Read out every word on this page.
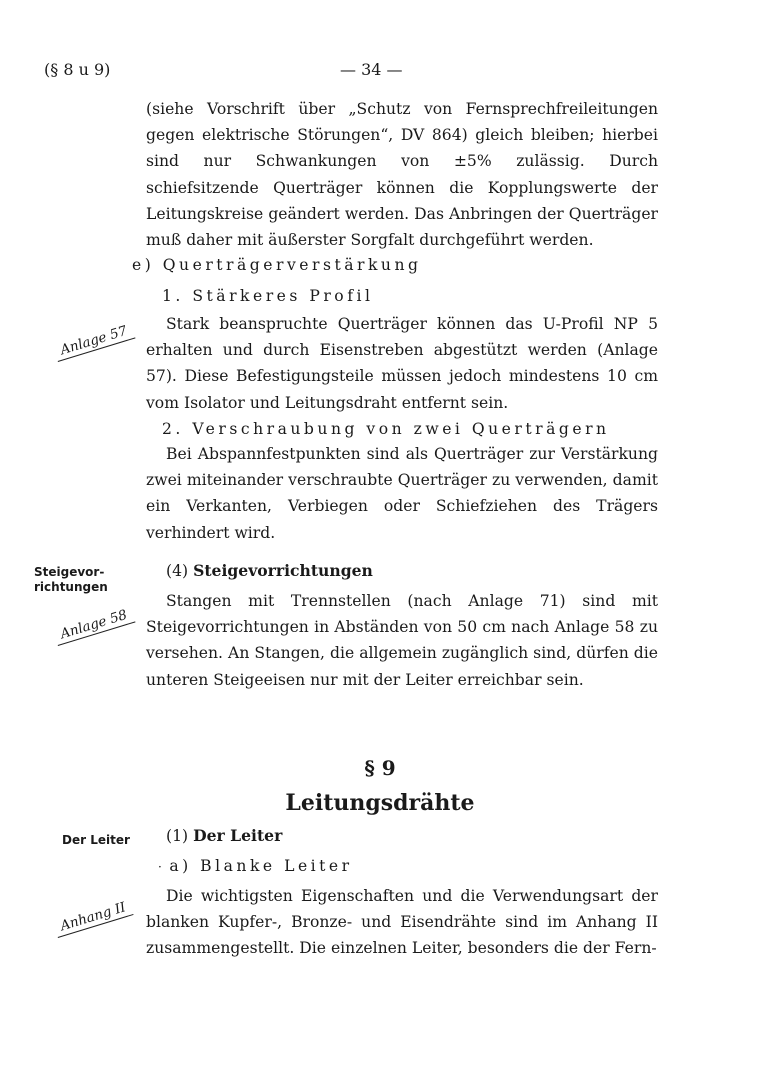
(§ 8 u 9)	— 34 —

(siehe Vorschrift über „Schutz von Fernsprechfreileitungen gegen elektrische Störungen“, DV 864) gleich bleiben; hierbei sind nur Schwankungen von ±5% zulässig. Durch schiefsitzende Querträger können die Kopplungswerte der Leitungskreise geändert werden. Das Anbringen der Querträger muß daher mit äußerster Sorgfalt durchgeführt werden.

e) Querträgerverstärkung
1. Stärkeres Profil

Stark beanspruchte Querträger können das U-Profil NP 5 erhalten und durch Eisenstreben abgestützt werden (Anlage 57). Diese Befestigungsteile müssen jedoch mindestens 10 cm vom Isolator und Leitungsdraht entfernt sein.

Anlage 57
2. Verschraubung von zwei Querträgern

Bei Abspannfestpunkten sind als Querträger zur Verstärkung zwei miteinander verschraubte Querträger zu verwenden, damit ein Verkanten, Verbiegen oder Schiefziehen des Trägers verhindert wird.

Steigevor-
richtungen
(4) Steigevorrichtungen

Stangen mit Trennstellen (nach Anlage 71) sind mit Steigevorrichtungen in Abständen von 50 cm nach Anlage 58 zu versehen. An Stangen, die allgemein zugänglich sind, dürfen die unteren Steigeeisen nur mit der Leiter erreichbar sein.

Anlage 58
§ 9
Leitungsdrähte
Der Leiter (1) Der Leiter
· a) Blanke Leiter

Die wichtigsten Eigenschaften und die Verwendungsart der blanken Kupfer-, Bronze- und Eisendrähte sind im Anhang II zusammengestellt. Die einzelnen Leiter, besonders die der Fern-

Anhang II
